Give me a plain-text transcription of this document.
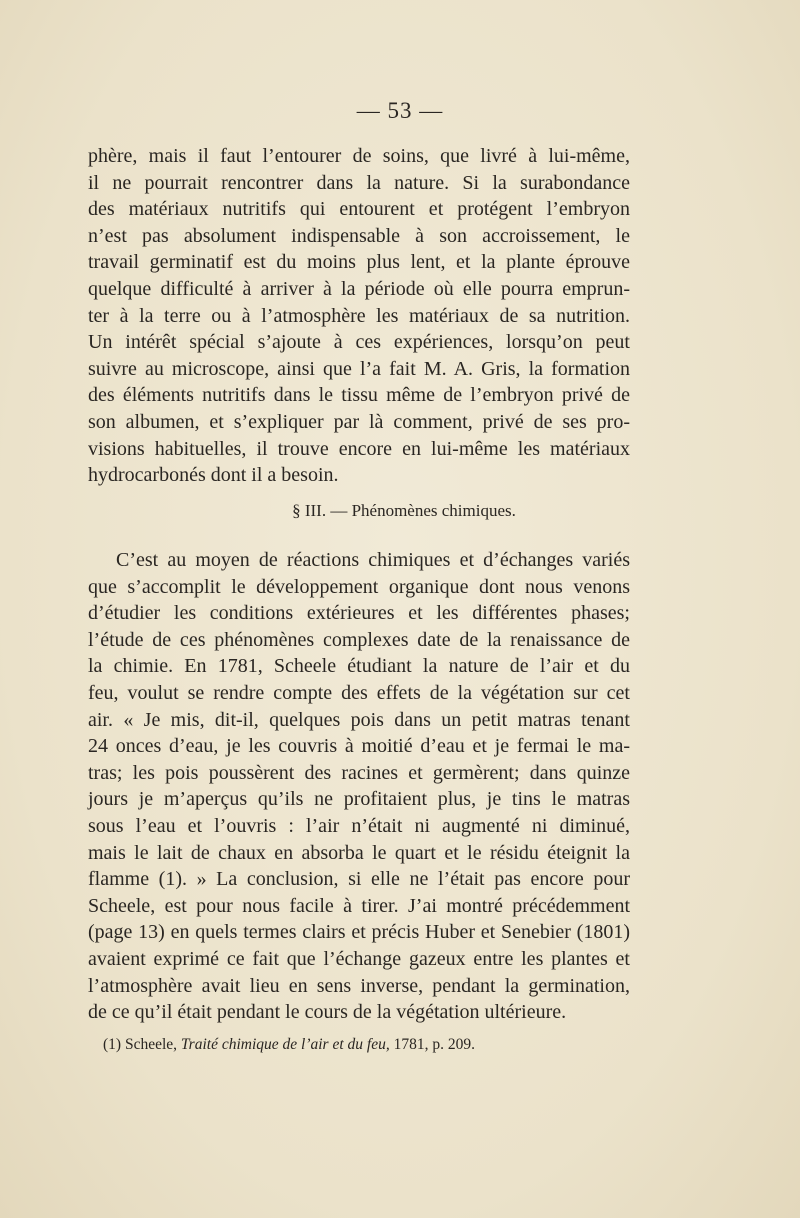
— 53 —
phère, mais il faut l’entourer de soins, que livré à lui-même,
il ne pourrait rencontrer dans la nature. Si la surabondance
des matériaux nutritifs qui entourent et protégent l’embryon
n’est pas absolument indispensable à son accroissement, le
travail germinatif est du moins plus lent, et la plante éprouve
quelque difficulté à arriver à la période où elle pourra emprun-
ter à la terre ou à l’atmosphère les matériaux de sa nutrition.
Un intérêt spécial s’ajoute à ces expériences, lorsqu’on peut
suivre au microscope, ainsi que l’a fait M. A. Gris, la formation
des éléments nutritifs dans le tissu même de l’embryon privé de
son albumen, et s’expliquer par là comment, privé de ses pro-
visions habituelles, il trouve encore en lui-même les matériaux
hydrocarbonés dont il a besoin.
§ III. — Phénomènes chimiques.
C’est au moyen de réactions chimiques et d’échanges variés
que s’accomplit le développement organique dont nous venons
d’étudier les conditions extérieures et les différentes phases;
l’étude de ces phénomènes complexes date de la renaissance de
la chimie. En 1781, Scheele étudiant la nature de l’air et du
feu, voulut se rendre compte des effets de la végétation sur cet
air. « Je mis, dit-il, quelques pois dans un petit matras tenant
24 onces d’eau, je les couvris à moitié d’eau et je fermai le ma-
tras; les pois poussèrent des racines et germèrent; dans quinze
jours je m’aperçus qu’ils ne profitaient plus, je tins le matras
sous l’eau et l’ouvris : l’air n’était ni augmenté ni diminué,
mais le lait de chaux en absorba le quart et le résidu éteignit la
flamme (1). » La conclusion, si elle ne l’était pas encore pour
Scheele, est pour nous facile à tirer. J’ai montré précédemment
(page 13) en quels termes clairs et précis Huber et Senebier (1801)
avaient exprimé ce fait que l’échange gazeux entre les plantes et
l’atmosphère avait lieu en sens inverse, pendant la germination,
de ce qu’il était pendant le cours de la végétation ultérieure.
(1) Scheele, Traité chimique de l’air et du feu, 1781, p. 209.
